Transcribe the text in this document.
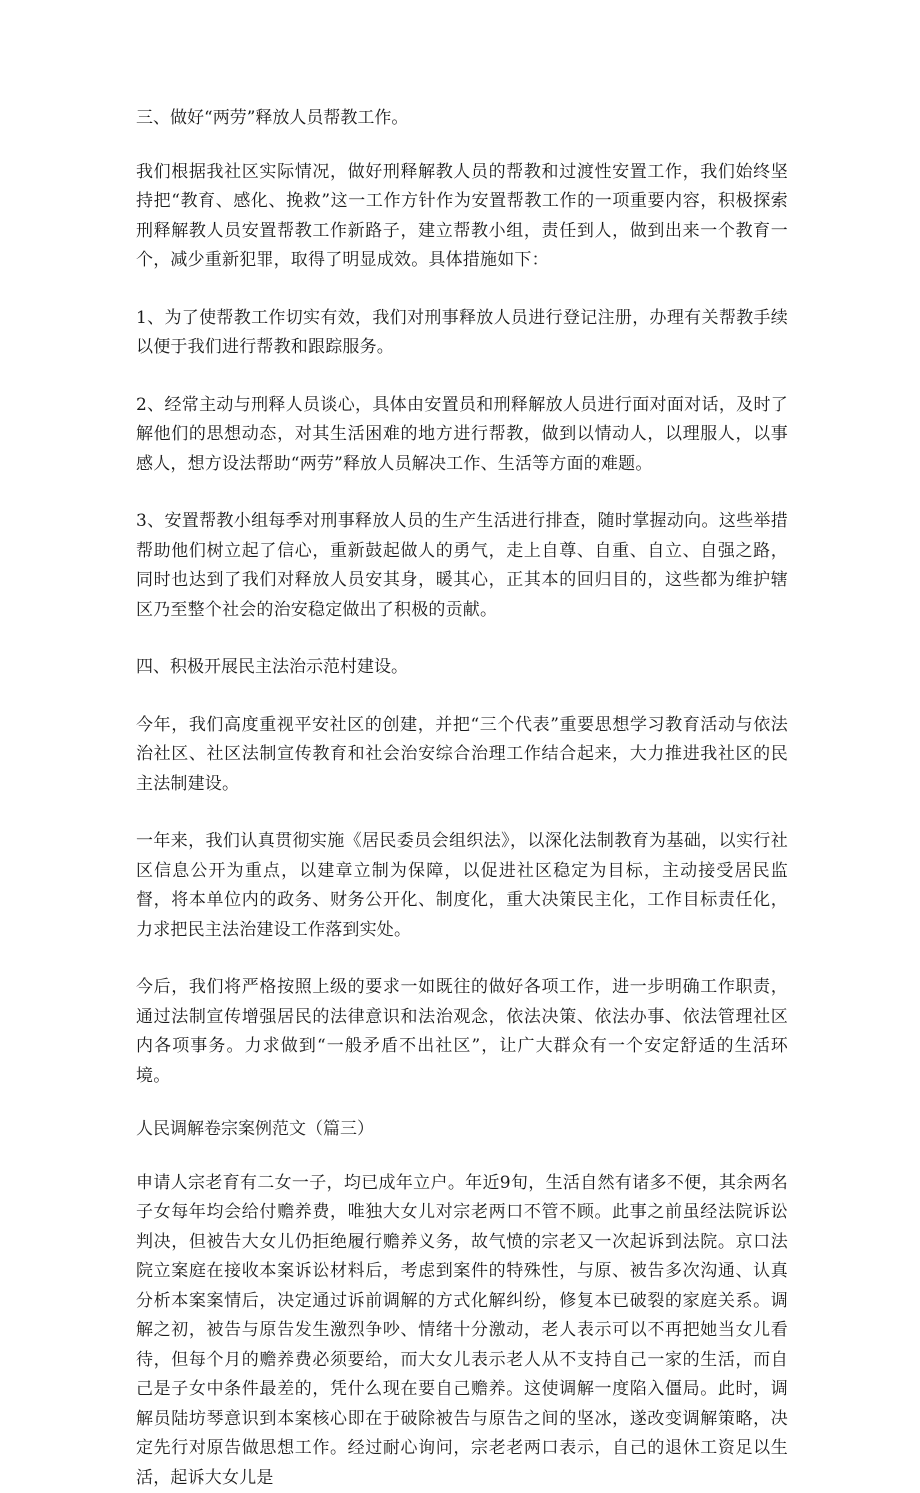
三、做好“两劳”释放人员帮教工作。

我们根据我社区实际情况，做好刑释解教人员的帮教和过渡性安置工作，我们始终坚持把“教育、感化、挽救”这一工作方针作为安置帮教工作的一项重要内容，积极探索刑释解教人员安置帮教工作新路子，建立帮教小组，责任到人，做到出来一个教育一个，减少重新犯罪，取得了明显成效。具体措施如下：

1、为了使帮教工作切实有效，我们对刑事释放人员进行登记注册，办理有关帮教手续以便于我们进行帮教和跟踪服务。

2、经常主动与刑释人员谈心，具体由安置员和刑释解放人员进行面对面对话，及时了解他们的思想动态，对其生活困难的地方进行帮教，做到以情动人，以理服人，以事感人，想方设法帮助“两劳”释放人员解决工作、生活等方面的难题。

3、安置帮教小组每季对刑事释放人员的生产生活进行排查，随时掌握动向。这些举措帮助他们树立起了信心，重新鼓起做人的勇气，走上自尊、自重、自立、自强之路，同时也达到了我们对释放人员安其身，暖其心，正其本的回归目的，这些都为维护辖区乃至整个社会的治安稳定做出了积极的贡献。

四、积极开展民主法治示范村建设。

今年，我们高度重视平安社区的创建，并把“三个代表”重要思想学习教育活动与依法治社区、社区法制宣传教育和社会治安综合治理工作结合起来，大力推进我社区的民主法制建设。

一年来，我们认真贯彻实施《居民委员会组织法》，以深化法制教育为基础，以实行社区信息公开为重点，以建章立制为保障，以促进社区稳定为目标，主动接受居民监督，将本单位内的政务、财务公开化、制度化，重大决策民主化，工作目标责任化，力求把民主法治建设工作落到实处。

今后，我们将严格按照上级的要求一如既往的做好各项工作，进一步明确工作职责，通过法制宣传增强居民的法律意识和法治观念，依法决策、依法办事、依法管理社区内各项事务。力求做到“一般矛盾不出社区”，让广大群众有一个安定舒适的生活环境。

人民调解卷宗案例范文（篇三）

申请人宗老育有二女一子，均已成年立户。年近9旬，生活自然有诸多不便，其余两名子女每年均会给付赡养费，唯独大女儿对宗老两口不管不顾。此事之前虽经法院诉讼判决，但被告大女儿仍拒绝履行赡养义务，故气愤的宗老又一次起诉到法院。京口法院立案庭在接收本案诉讼材料后，考虑到案件的特殊性，与原、被告多次沟通、认真分析本案案情后，决定通过诉前调解的方式化解纠纷，修复本已破裂的家庭关系。调解之初，被告与原告发生激烈争吵、情绪十分激动，老人表示可以不再把她当女儿看待，但每个月的赡养费必须要给，而大女儿表示老人从不支持自己一家的生活，而自己是子女中条件最差的，凭什么现在要自己赡养。这使调解一度陷入僵局。此时，调解员陆坊琴意识到本案核心即在于破除被告与原告之间的坚冰，遂改变调解策略，决定先行对原告做思想工作。经过耐心询问，宗老老两口表示，自己的退休工资足以生活，起诉大女儿是
